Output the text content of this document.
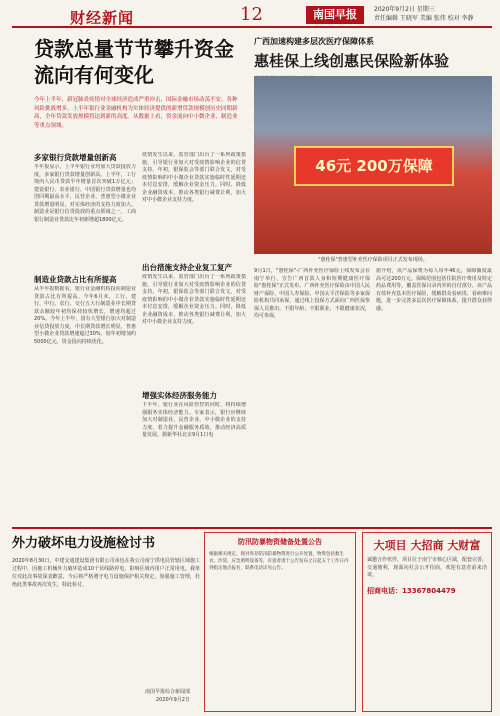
财经新闻	12	南国早报	2020年9月2日 星期三
责任编辑 王晓军 美编 张伟 校对 李静
贷款总量节节攀升资金流向有何变化
今年上半年，新冠肺炎疫情对全球经济造成严重冲击，国际金融市场动荡不安。各种风险挑战增多。上半年银行业金融机构为实体经济提供的新增贷款规模创历史同期新高，全年贷款发放规模将达到新的高度。从数据上看，资金流向中小微企业、制造业等重点领域。
多家银行贷款增量创新高
半年报显示，上半年银行业均加大贷款投放力度，多家银行贷款增量创新高。上半年，工行境内人民币贷款半年增量首次突破1万亿元；建设银行、农业银行、中国银行贷款增量也均创同期最高水平，民营企业、普惠型小微企业贷款增量明显，对实体经济的支持力度加大。制造业是银行信贷投放的重点领域之一，工商银行制造业贷款比年初新增超1800亿元。
制造业贷款占比有所提高
从半年报数据看，银行业金融机构投向制造业贷款占比有所提高。今年6月末，工行、建行、中行、农行、交行五大行制造业中长期贷款余额较年初均保持较快增长，增速均超过20%。今年上半年，国有大型银行加大对制造业信贷投放力度，中长期贷款增长明显，普惠型小微企业贷款增速超过30%，较年初增加约5000亿元，资金投向持续优化。
出台措施支持企业复工复产
疫情发生以来，监管部门出台了一系列政策措施，引导银行业加大对受疫情影响企业的信贷支持。年初，银保监会等部门联合发文，对受疫情影响的中小微企业贷款实施临时性延期还本付息安排，缓解企业资金压力。同时，降低企业融资成本，推动各类银行减费让利，加大对中小微企业支持力度。
疫情发生以来，监管部门出台了一系列政策措施，引导银行业加大对受疫情影响企业的信贷支持。年初，银保监会等部门联合发文，对受疫情影响的中小微企业贷款实施临时性延期还本付息安排，缓解企业资金压力。同时，降低企业融资成本，推动各类银行减费让利，加大对中小微企业支持力度。
增强实体经济服务能力
下半年，银行业在风险管控的同时，将持续增强服务实体经济能力。专家表示，银行应继续加大对制造业、民营企业、中小微企业的支持力度，着力提升金融服务质效，推动经济高质量发展。据新华社北京9月1日电
广西加速构建多层次医疗保障体系
惠桂保上线创惠民保险新体验
46元 200万保障
"惠桂保"普惠型补充医疗保险项目正式发布现场。
9月1日，"惠桂保"-广西补充医疗保险上线发布会在南宁举行，宣告广西首款人身和短期健康医疗保险"惠桂保"正式发布。广西补充医疗保险由中国人民财产保险、中国人寿保险、中国太平洋保险等多家保险机构共同承保，通过线上投保方式面向广西医保参保人员推出。不限年龄、不限职业、不限健康状况，均可参保。
据介绍，该产品保费为每人每年46元，保障额度最高可达200万元，保障范围包括住院医疗费用及特定药品费用等，覆盖医保目录内外的自付部分。该产品有效补充基本医疗保险，缓解群众看病贵、看病难问题，进一步完善多层次医疗保障体系，提升群众获得感。
外力破坏电力设施检讨书
2020年8月30日，中建交通建设集团有限公司承包在我公司南宁供电局管辖区域施工过程中，因施工机械外力破坏造成10千伏线路停电，影响区域内用户正常用电。我单位对此次事故深表歉意，今后将严格遵守电力设施保护相关规定，加强施工管理，杜绝此类事故再次发生，特此检讨。
南国早报综合新闻部
2020年9月2日
防汛防暴物资储备处置公告
根据相关规定，现对库存防汛防暴物资进行公开处置，物资包括救生衣、沙袋、应急照明设备等，有意者请于公告发布之日起五个工作日内到指定地点报名，联系电话详见公告。
大项目 大招商 大财富
诚邀合作伙伴，项目位于南宁市核心区域，配套完善，交通便利，现面向社会公开招商，欢迎有意者前来洽谈。
招商电话：13367804479
